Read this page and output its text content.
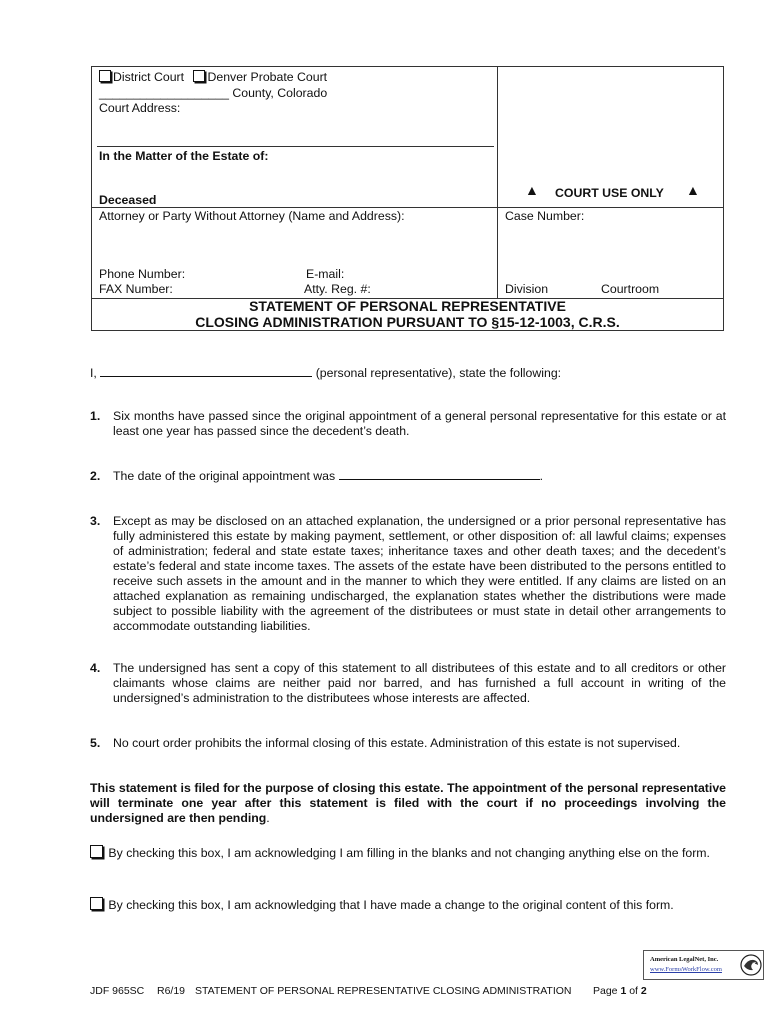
District Court Denver Probate Court
___________________ County, Colorado
Court Address:
In the Matter of the Estate of:
Deceased
▲ COURT USE ONLY ▲
Attorney or Party Without Attorney (Name and Address):	Case Number:
Phone Number:	E-mail:
FAX Number:	Atty. Reg. #:	Division	Courtroom
STATEMENT OF PERSONAL REPRESENTATIVE
CLOSING ADMINISTRATION PURSUANT TO §15-12-1003, C.R.S.
I,	(personal representative), state the following:
1. Six months have passed since the original appointment of a general personal representative for this estate or at least one year has passed since the decedent’s death.
2. The date of the original appointment was	.
3. Except as may be disclosed on an attached explanation, the undersigned or a prior personal representative has fully administered this estate by making payment, settlement, or other disposition of: all lawful claims; expenses of administration; federal and state estate taxes; inheritance taxes and other death taxes; and the decedent’s estate’s federal and state income taxes. The assets of the estate have been distributed to the persons entitled to receive such assets in the amount and in the manner to which they were entitled. If any claims are listed on an attached explanation as remaining undischarged, the explanation states whether the distributions were made subject to possible liability with the agreement of the distributees or must state in detail other arrangements to accommodate outstanding liabilities.
4. The undersigned has sent a copy of this statement to all distributees of this estate and to all creditors or other claimants whose claims are neither paid nor barred, and has furnished a full account in writing of the undersigned’s administration to the distributees whose interests are affected.
5. No court order prohibits the informal closing of this estate. Administration of this estate is not supervised.
This statement is filed for the purpose of closing this estate. The appointment of the personal representative will terminate one year after this statement is filed with the court if no proceedings involving the undersigned are then pending.
By checking this box, I am acknowledging I am filling in the blanks and not changing anything else on the form.
By checking this box, I am acknowledging that I have made a change to the original content of this form.
American LegalNet, Inc.
www.FormsWorkFlow.com
JDF 965SC R6/19 STATEMENT OF PERSONAL REPRESENTATIVE CLOSING ADMINISTRATION Page 1 of 2
